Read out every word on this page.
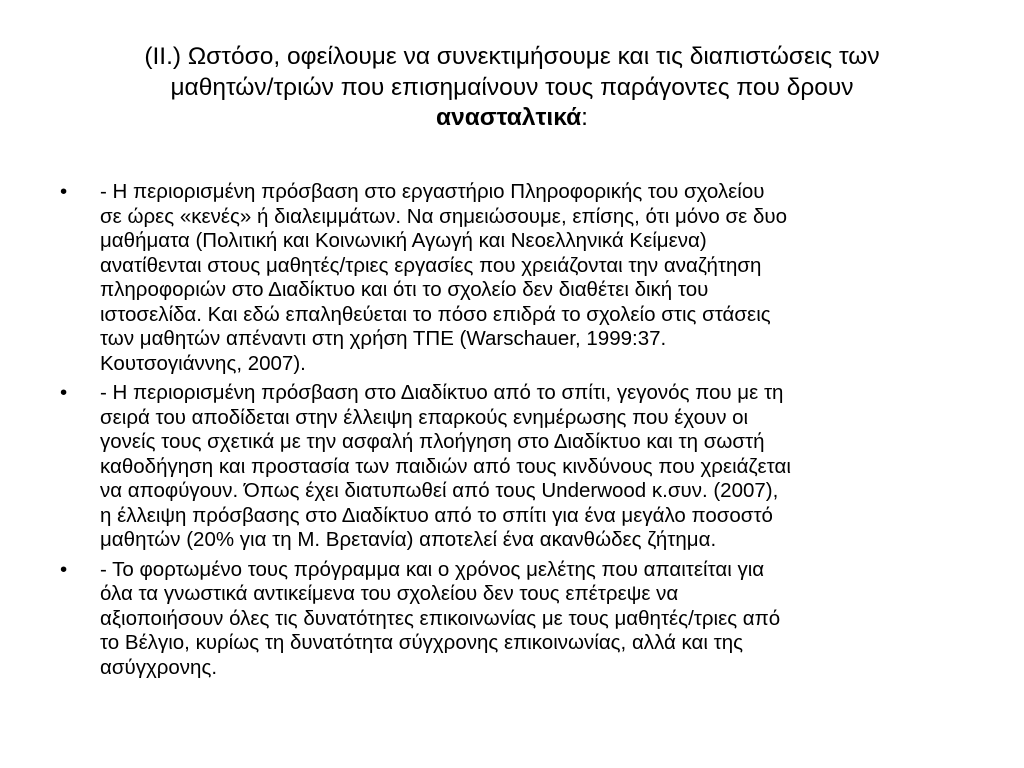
(II.) Ωστόσο, οφείλουμε να συνεκτιμήσουμε και τις διαπιστώσεις των
μαθητών/τριών που επισημαίνουν τους παράγοντες που δρουν
ανασταλτικά:
• - Η περιορισμένη πρόσβαση στο εργαστήριο Πληροφορικής του σχολείου
σε ώρες «κενές» ή διαλειμμάτων. Να σημειώσουμε, επίσης, ότι μόνο σε δυο
μαθήματα (Πολιτική και Κοινωνική Αγωγή και Νεοελληνικά Κείμενα)
ανατίθενται στους μαθητές/τριες εργασίες που χρειάζονται την αναζήτηση
πληροφοριών στο Διαδίκτυο και ότι το σχολείο δεν διαθέτει δική του
ιστοσελίδα. Και εδώ επαληθεύεται το πόσο επιδρά το σχολείο στις στάσεις
των μαθητών απέναντι στη χρήση ΤΠΕ (Warschauer, 1999:37.
Κουτσογιάννης, 2007).
• - Η περιορισμένη πρόσβαση στο Διαδίκτυο από το σπίτι, γεγονός που με τη
σειρά του αποδίδεται στην έλλειψη επαρκούς ενημέρωσης που έχουν οι
γονείς τους σχετικά με την ασφαλή πλοήγηση στο Διαδίκτυο και τη σωστή
καθοδήγηση και προστασία των παιδιών από τους κινδύνους που χρειάζεται
να αποφύγουν. Όπως έχει διατυπωθεί από τους Underwood κ.συν. (2007),
η έλλειψη πρόσβασης στο Διαδίκτυο από το σπίτι για ένα μεγάλο ποσοστό
μαθητών (20% για τη Μ. Βρετανία) αποτελεί ένα ακανθώδες ζήτημα.
• - Το φορτωμένο τους πρόγραμμα και ο χρόνος μελέτης που απαιτείται για
όλα τα γνωστικά αντικείμενα του σχολείου δεν τους επέτρεψε να
αξιοποιήσουν όλες τις δυνατότητες επικοινωνίας με τους μαθητές/τριες από
το Βέλγιο, κυρίως τη δυνατότητα σύγχρονης επικοινωνίας, αλλά και της
ασύγχρονης.
